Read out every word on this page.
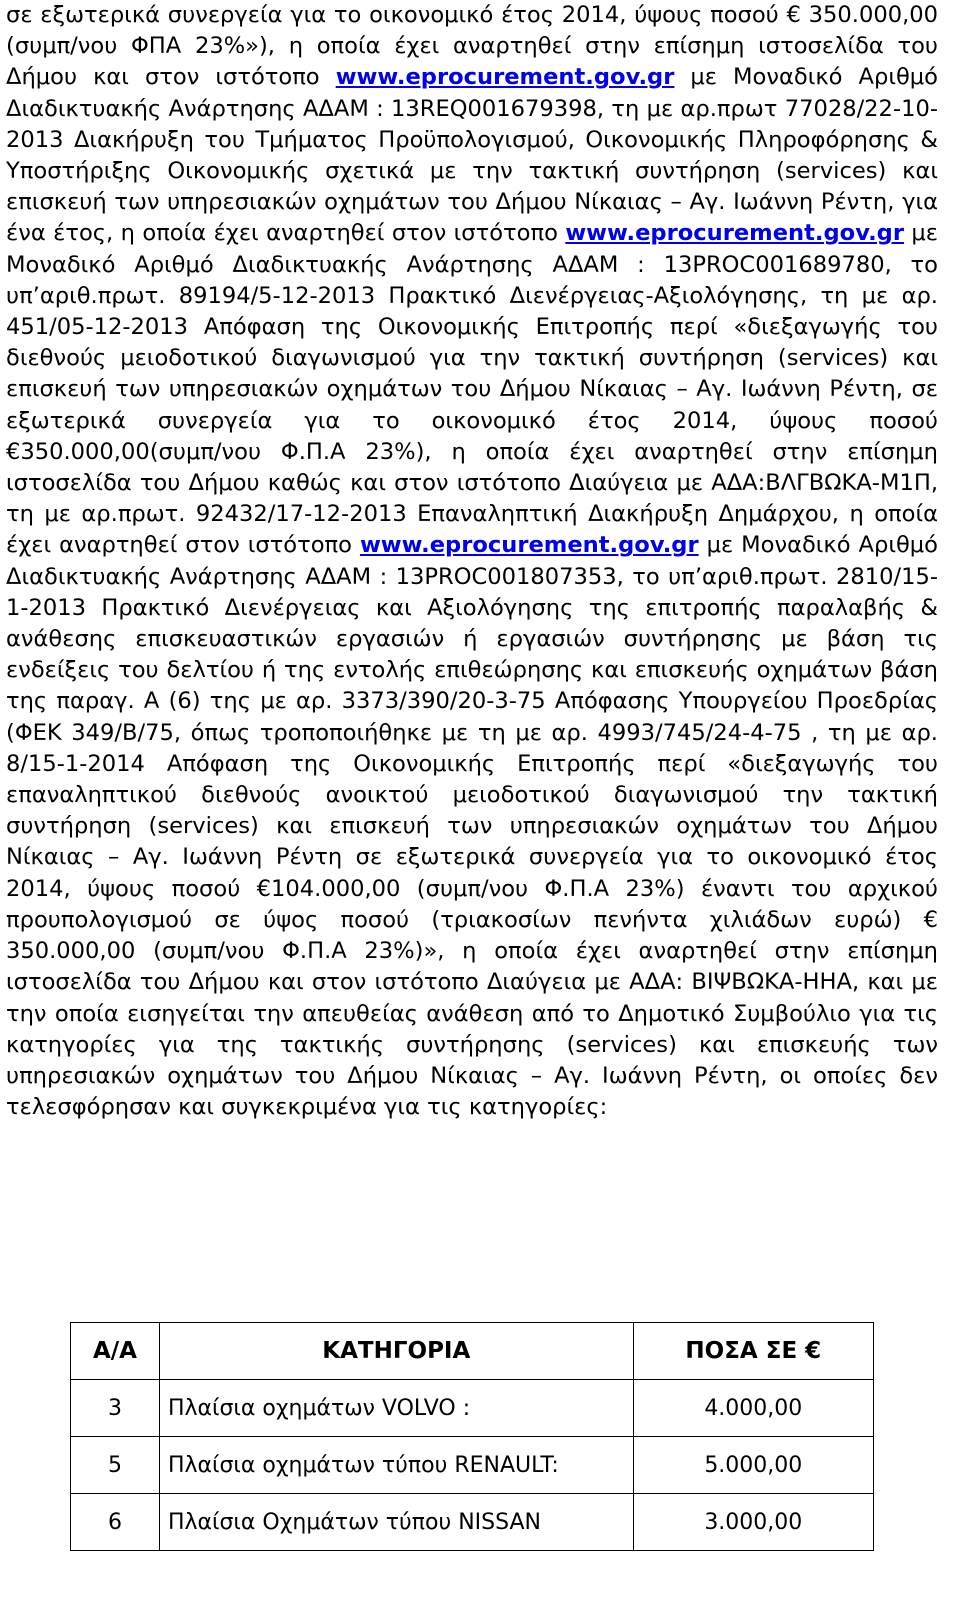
σε εξωτερικά συνεργεία για το οικονομικό έτος 2014, ύψους ποσού € 350.000,00 (συμπ/νου ΦΠΑ 23%»), η οποία έχει αναρτηθεί στην επίσημη ιστοσελίδα του Δήμου και στον ιστότοπο www.eprocurement.gov.gr με Μοναδικό Αριθμό Διαδικτυακής Ανάρτησης ΑΔΑΜ : 13REQ001679398, τη με αρ.πρωτ 77028/22-10-2013 Διακήρυξη του Τμήματος Προϋπολογισμού, Οικονομικής Πληροφόρησης & Υποστήριξης Οικονομικής σχετικά με την τακτική συντήρηση (services) και επισκευή των υπηρεσιακών οχημάτων του Δήμου Νίκαιας – Αγ. Ιωάννη Ρέντη, για ένα έτος, η οποία έχει αναρτηθεί στον ιστότοπο www.eprocurement.gov.gr με Μοναδικό Αριθμό Διαδικτυακής Ανάρτησης ΑΔΑΜ : 13PROC001689780, το υπ’αριθ.πρωτ. 89194/5-12-2013 Πρακτικό Διενέργειας-Αξιολόγησης, τη με αρ. 451/05-12-2013 Απόφαση της Οικονομικής Επιτροπής περί «διεξαγωγής του διεθνούς μειοδοτικού διαγωνισμού για την τακτική συντήρηση (services) και επισκευή των υπηρεσιακών οχημάτων του Δήμου Νίκαιας – Αγ. Ιωάννη Ρέντη, σε εξωτερικά συνεργεία για το οικονομικό έτος 2014, ύψους ποσού €350.000,00(συμπ/νου Φ.Π.Α 23%), η οποία έχει αναρτηθεί στην επίσημη ιστοσελίδα του Δήμου καθώς και στον ιστότοπο Διαύγεια με ΑΔΑ:ΒΛΓΒΩΚΑ-Μ1Π, τη με αρ.πρωτ. 92432/17-12-2013 Επαναληπτική Διακήρυξη Δημάρχου, η οποία έχει αναρτηθεί στον ιστότοπο www.eprocurement.gov.gr με Μοναδικό Αριθμό Διαδικτυακής Ανάρτησης ΑΔΑΜ : 13PROC001807353, το υπ’αριθ.πρωτ. 2810/15-1-2013 Πρακτικό Διενέργειας και Αξιολόγησης της επιτροπής παραλαβής & ανάθεσης επισκευαστικών εργασιών ή εργασιών συντήρησης με βάση τις ενδείξεις του δελτίου ή της εντολής επιθεώρησης και επισκευής οχημάτων βάση της παραγ. Α (6) της με αρ. 3373/390/20-3-75 Απόφασης Υπουργείου Προεδρίας (ΦΕΚ 349/Β/75, όπως τροποποιήθηκε με τη με αρ. 4993/745/24-4-75 , τη με αρ. 8/15-1-2014 Απόφαση της Οικονομικής Επιτροπής περί «διεξαγωγής του επαναληπτικού διεθνούς ανοικτού μειοδοτικού διαγωνισμού την τακτική συντήρηση (services) και επισκευή των υπηρεσιακών οχημάτων του Δήμου Νίκαιας – Αγ. Ιωάννη Ρέντη σε εξωτερικά συνεργεία για το οικονομικό έτος 2014, ύψους ποσού €104.000,00 (συμπ/νου Φ.Π.Α 23%) έναντι του αρχικού προυπολογισμού σε ύψος ποσού (τριακοσίων πενήντα χιλιάδων ευρώ) € 350.000,00 (συμπ/νου Φ.Π.Α 23%)», η οποία έχει αναρτηθεί στην επίσημη ιστοσελίδα του Δήμου και στον ιστότοπο Διαύγεια με ΑΔΑ: ΒΙΨΒΩΚΑ-ΗΗΑ, και με την οποία εισηγείται την απευθείας ανάθεση από το Δημοτικό Συμβούλιο για τις κατηγορίες για της τακτικής συντήρησης (services) και επισκευής των υπηρεσιακών οχημάτων του Δήμου Νίκαιας – Αγ. Ιωάννη Ρέντη, οι οποίες δεν τελεσφόρησαν και συγκεκριμένα για τις κατηγορίες:

Α/Α	ΚΑΤΗΓΟΡΙΑ	ΠΟΣΑ ΣΕ €
3	Πλαίσια οχημάτων VOLVO :	4.000,00
5	Πλαίσια οχημάτων τύπου RENAULT:	5.000,00
6	Πλαίσια Οχημάτων τύπου NISSAN	3.000,00
